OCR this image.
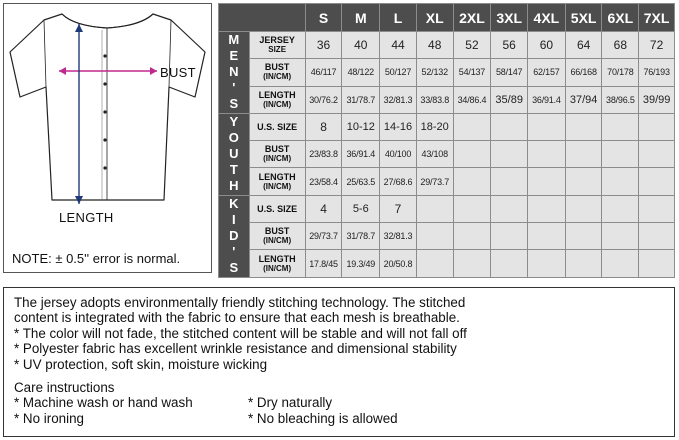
BUST
LENGTH
NOTE: ± 0.5'' error is normal.
		S	M	L	XL	2XL	3XL	4XL	5XL	6XL	7XL

M
E
N
'
S	JERSEY
SIZE	36	40	44	48	52	56	60	64	68	72

	BUST
(IN/CM)	46/117	48/122	50/127	52/132	54/137	58/147	62/157	66/168	70/178	76/193

	LENGTH
(IN/CM)	30/76.2	31/78.7	32/81.3	33/83.8	34/86.4	35/89	36/91.4	37/94	38/96.5	39/99

Y
O
U
T
H	U.S. SIZE	8	10-12	14-16	18-20						

	BUST
(IN/CM)	23/83.8	36/91.4	40/100	43/108						

	LENGTH
(IN/CM)	23/58.4	25/63.5	27/68.6	29/73.7						

K
I
D
'
S	U.S. SIZE	4	5-6	7							

	BUST
(IN/CM)	29/73.7	31/78.7	32/81.3							

	LENGTH
(IN/CM)	17.8/45	19.3/49	20/50.8							

The jersey adopts environmentally friendly stitching technology. The stitched

content is integrated with the fabric to ensure that each mesh is breathable.

* The color will not fade, the stitched content will be stable and will not fall off

* Polyester fabric has excellent wrinkle resistance and dimensional stability

* UV protection, soft skin, moisture wicking

Care instructions

* Machine wash or hand wash	* Dry naturally
* No ironing	* No bleaching is allowed
